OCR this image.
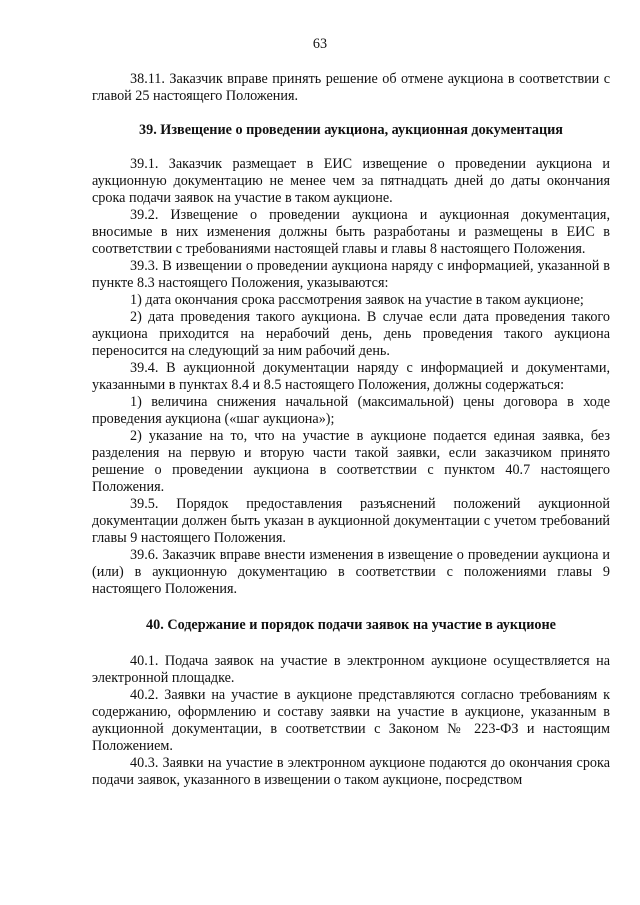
63

38.11. Заказчик вправе принять решение об отмене аукциона в соответствии с главой 25 настоящего Положения.

39. Извещение о проведении аукциона, аукционная документация

39.1. Заказчик размещает в ЕИС извещение о проведении аукциона и аукционную документацию не менее чем за пятнадцать дней до даты окончания срока подачи заявок на участие в таком аукционе.

39.2. Извещение о проведении аукциона и аукционная документация, вносимые в них изменения должны быть разработаны и размещены в ЕИС в соответствии с требованиями настоящей главы и главы 8 настоящего Положения.

39.3. В извещении о проведении аукциона наряду с информацией, указанной в пункте 8.3 настоящего Положения, указываются:

1) дата окончания срока рассмотрения заявок на участие в таком аукционе;

2) дата проведения такого аукциона. В случае если дата проведения такого аукциона приходится на нерабочий день, день проведения такого аукциона переносится на следующий за ним рабочий день.

39.4. В аукционной документации наряду с информацией и документами, указанными в пунктах 8.4 и 8.5 настоящего Положения, должны содержаться:

1) величина снижения начальной (максимальной) цены договора в ходе проведения аукциона («шаг аукциона»);

2) указание на то, что на участие в аукционе подается единая заявка, без разделения на первую и вторую части такой заявки, если заказчиком принято решение о проведении аукциона в соответствии с пунктом 40.7 настоящего Положения.

39.5. Порядок предоставления разъяснений положений аукционной документации должен быть указан в аукционной документации с учетом требований главы 9 настоящего Положения.

39.6. Заказчик вправе внести изменения в извещение о проведении аукциона и (или) в аукционную документацию в соответствии с положениями главы 9 настоящего Положения.

40. Содержание и порядок подачи заявок на участие в аукционе

40.1. Подача заявок на участие в электронном аукционе осуществляется на электронной площадке.

40.2. Заявки на участие в аукционе представляются согласно требованиям к содержанию, оформлению и составу заявки на участие в аукционе, указанным в аукционной документации, в соответствии с Законом № 223-ФЗ и настоящим Положением.

40.3. Заявки на участие в электронном аукционе подаются до окончания срока подачи заявок, указанного в извещении о таком аукционе, посредством
